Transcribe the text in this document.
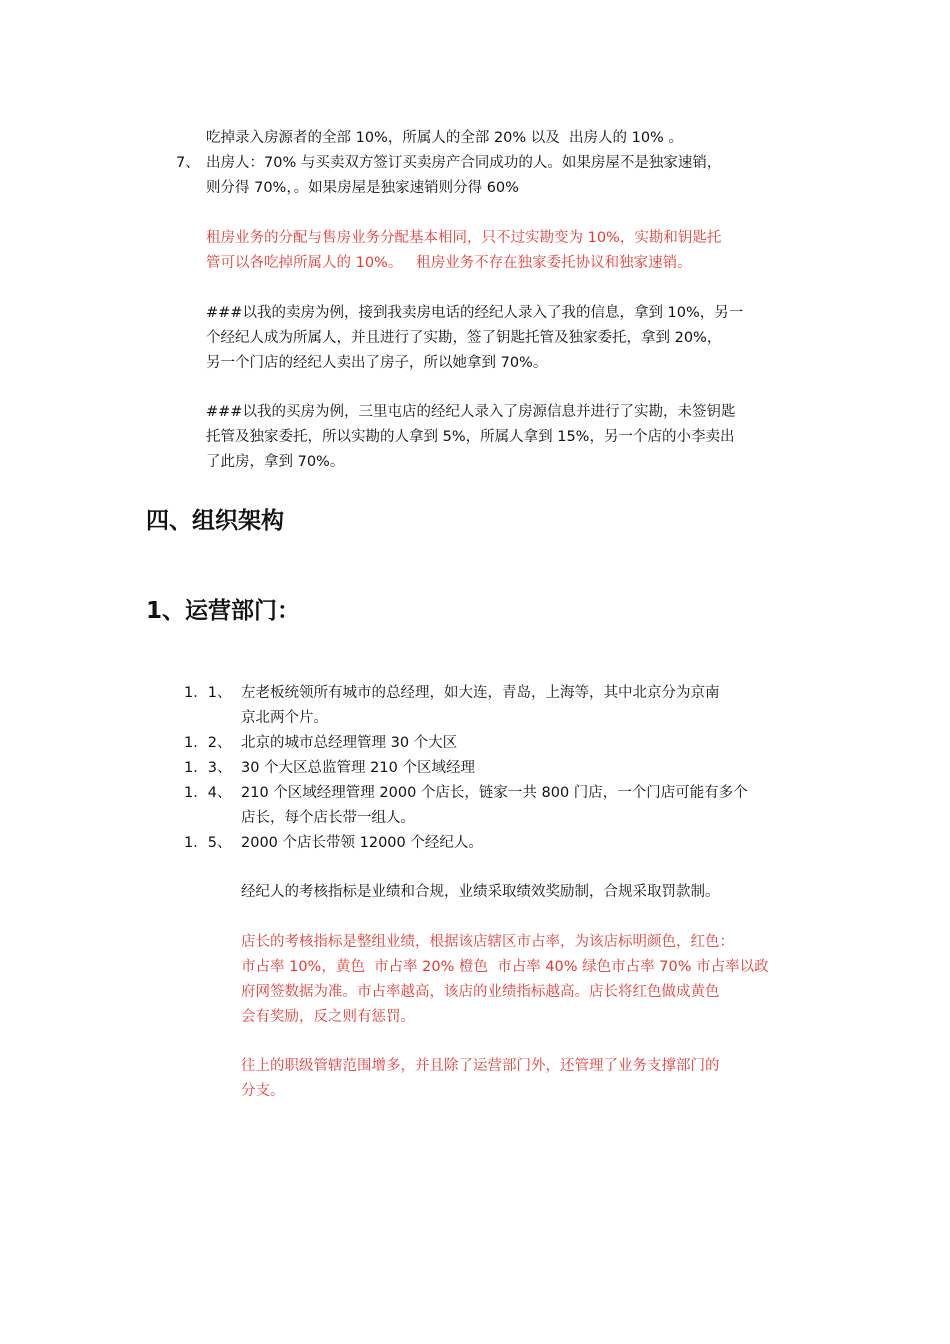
吃掉录入房源者的全部 10%，所属人的全部 20% 以及  出房人的 10% 。
7、 出房人：70% 与买卖双方签订买卖房产合同成功的人。如果房屋不是独家速销，
则分得 70%，。如果房屋是独家速销则分得 60%
租房业务的分配与售房业务分配基本相同，只不过实勘变为 10%，实勘和钥匙托
管可以各吃掉所属人的 10%。   租房业务不存在独家委托协议和独家速销。
###以我的卖房为例，接到我卖房电话的经纪人录入了我的信息，拿到 10%，另一
个经纪人成为所属人，并且进行了实勘，签了钥匙托管及独家委托，拿到 20%，
另一个门店的经纪人卖出了房子，所以她拿到 70%。
###以我的买房为例，三里屯店的经纪人录入了房源信息并进行了实勘，未签钥匙
托管及独家委托，所以实勘的人拿到 5%，所属人拿到 15%，另一个店的小李卖出
了此房，拿到 70%。
四、组织架构
1、运营部门：
1．1、 左老板统领所有城市的总经理，如大连，青岛，上海等，其中北京分为京南
京北两个片。
1．2、 北京的城市总经理管理 30 个大区
1．3、 30 个大区总监管理 210 个区域经理
1．4、 210 个区域经理管理 2000 个店长，链家一共 800 门店，一个门店可能有多个
店长，每个店长带一组人。
1．5、 2000 个店长带领 12000 个经纪人。
经纪人的考核指标是业绩和合规，业绩采取绩效奖励制，合规采取罚款制。
店长的考核指标是整组业绩，根据该店辖区市占率，为该店标明颜色，红色：
市占率 10%，黄色  市占率 20% 橙色  市占率 40% 绿色市占率 70% 市占率以政
府网签数据为准。市占率越高，该店的业绩指标越高。店长将红色做成黄色
会有奖励，反之则有惩罚。
往上的职级管辖范围增多，并且除了运营部门外，还管理了业务支撑部门的
分支。
